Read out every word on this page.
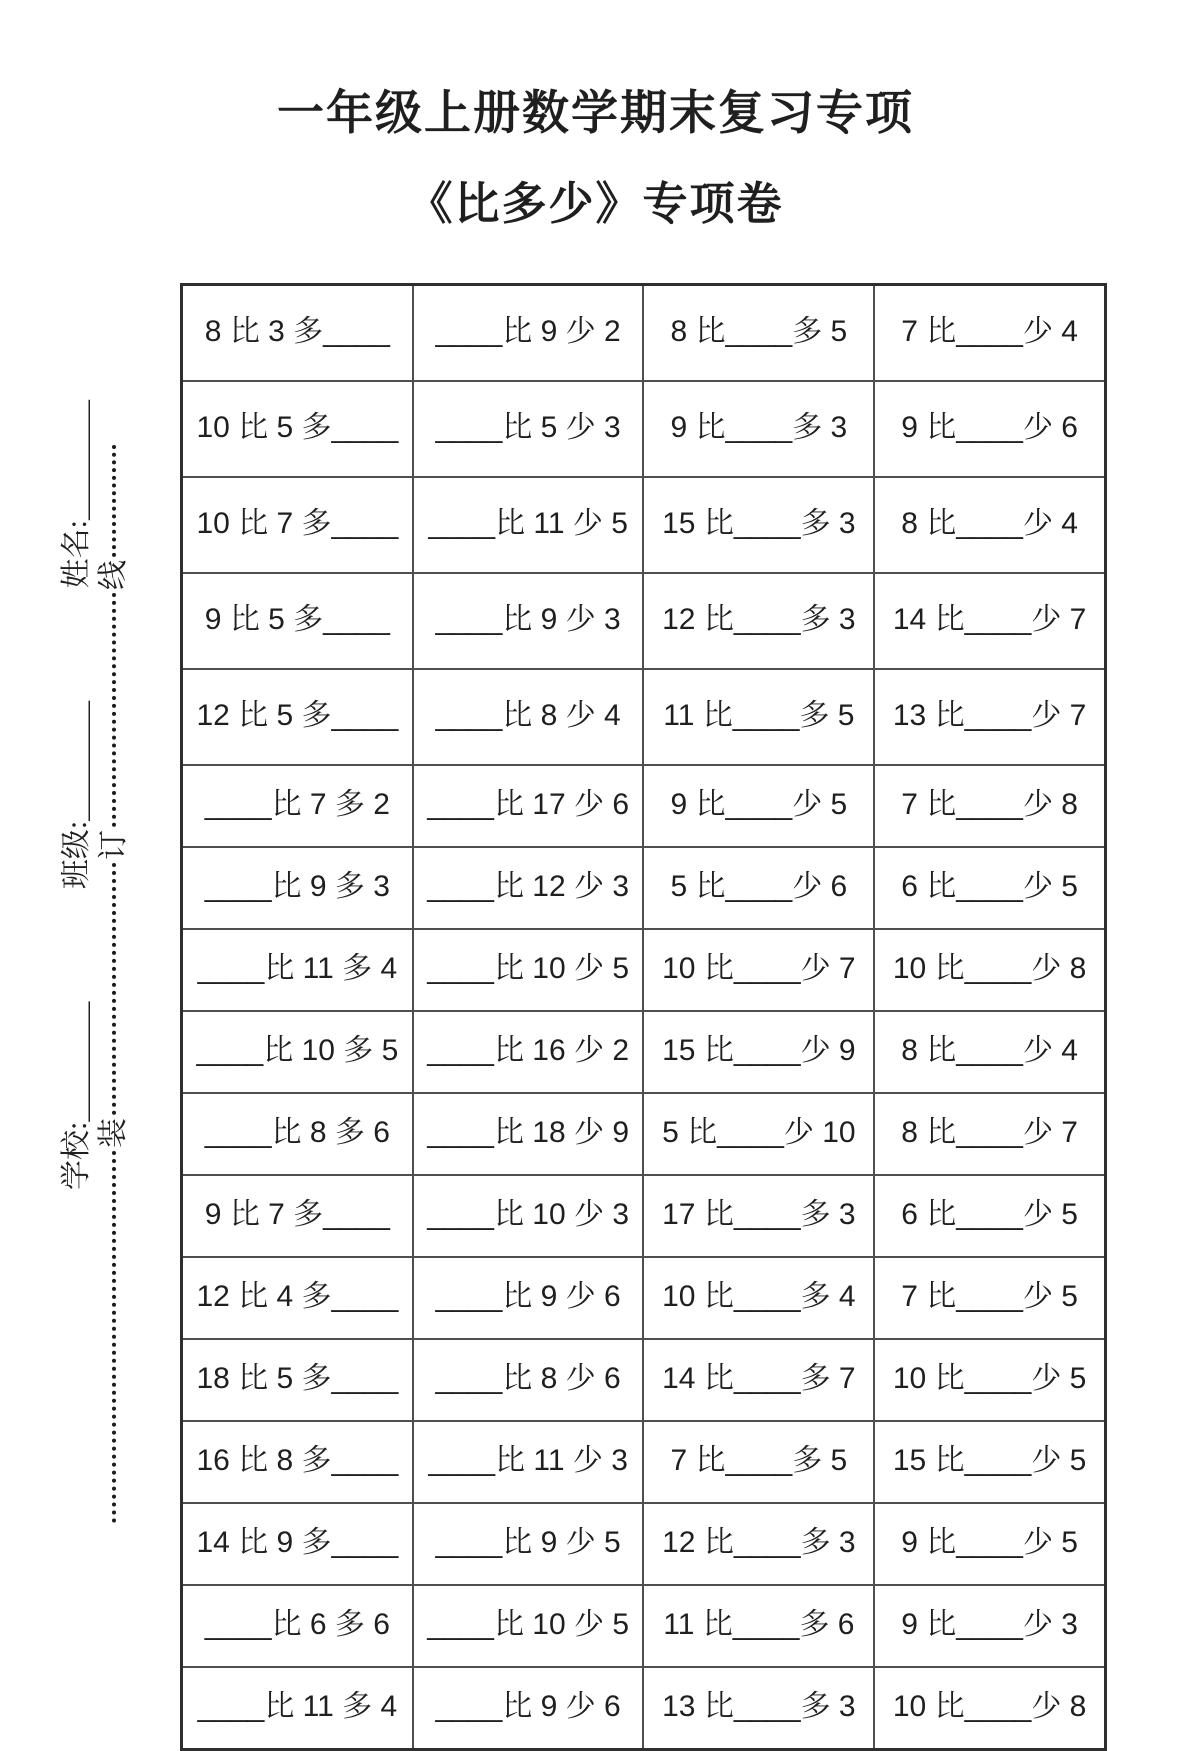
一年级上册数学期末复习专项
《比多少》专项卷
学校:________
班级:________
姓名:________
线
订
装
8 比 3 多____	____比 9 少 2	8 比____多 5	7 比____少 4
10 比 5 多____	____比 5 少 3	9 比____多 3	9 比____少 6
10 比 7 多____	____比 11 少 5	15 比____多 3	8 比____少 4
9 比 5 多____	____比 9 少 3	12 比____多 3	14 比____少 7
12 比 5 多____	____比 8 少 4	11 比____多 5	13 比____少 7
____比 7 多 2	____比 17 少 6	9 比____少 5	7 比____少 8
____比 9 多 3	____比 12 少 3	5 比____少 6	6 比____少 5
____比 11 多 4	____比 10 少 5	10 比____少 7	10 比____少 8
____比 10 多 5	____比 16 少 2	15 比____少 9	8 比____少 4
____比 8 多 6	____比 18 少 9	5 比____少 10	8 比____少 7
9 比 7 多____	____比 10 少 3	17 比____多 3	6 比____少 5
12 比 4 多____	____比 9 少 6	10 比____多 4	7 比____少 5
18 比 5 多____	____比 8 少 6	14 比____多 7	10 比____少 5
16 比 8 多____	____比 11 少 3	7 比____多 5	15 比____少 5
14 比 9 多____	____比 9 少 5	12 比____多 3	9 比____少 5
____比 6 多 6	____比 10 少 5	11 比____多 6	9 比____少 3
____比 11 多 4	____比 9 少 6	13 比____多 3	10 比____少 8
